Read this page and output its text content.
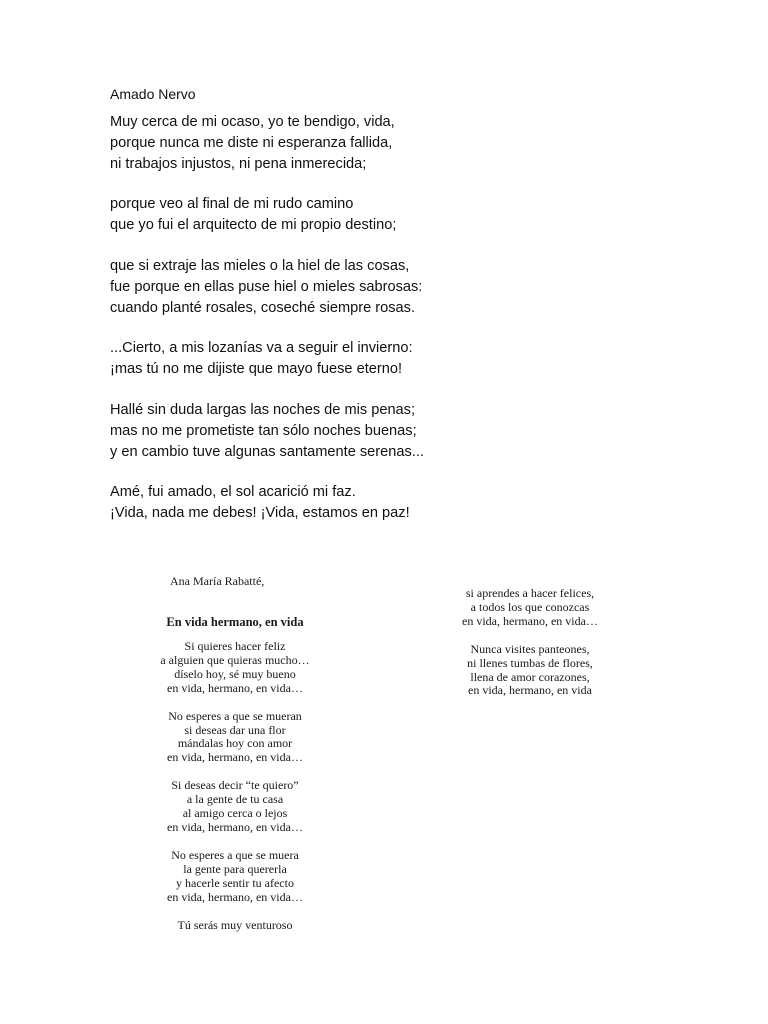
Amado Nervo
Muy cerca de mi ocaso, yo te bendigo, vida,
porque nunca me diste ni esperanza fallida,
ni trabajos injustos, ni pena inmerecida;
porque veo al final de mi rudo camino
que yo fui el arquitecto de mi propio destino;
que si extraje las mieles o la hiel de las cosas,
fue porque en ellas puse hiel o mieles sabrosas:
cuando planté rosales, coseché siempre rosas.
...Cierto, a mis lozanías va a seguir el invierno:
¡mas tú no me dijiste que mayo fuese eterno!
Hallé sin duda largas las noches de mis penas;
mas no me prometiste tan sólo noches buenas;
y en cambio tuve algunas santamente serenas...
Amé, fui amado, el sol acarició mi faz.
¡Vida, nada me debes! ¡Vida, estamos en paz!
Ana María Rabatté,
En vida hermano, en vida
Si quieres hacer feliz
a alguien que quieras mucho…
díselo hoy, sé muy bueno
en vida, hermano, en vida…
No esperes a que se mueran
si deseas dar una flor
mándalas hoy con amor
en vida, hermano, en vida…
Si deseas decir “te quiero”
a la gente de tu casa
al amigo cerca o lejos
en vida, hermano, en vida…
No esperes a que se muera
la gente para quererla
y hacerle sentir tu afecto
en vida, hermano, en vida…
Tú serás muy venturoso
si aprendes a hacer felices,
a todos los que conozcas
en vida, hermano, en vida…
Nunca visites panteones,
ni llenes tumbas de flores,
llena de amor corazones,
en vida, hermano, en vida
